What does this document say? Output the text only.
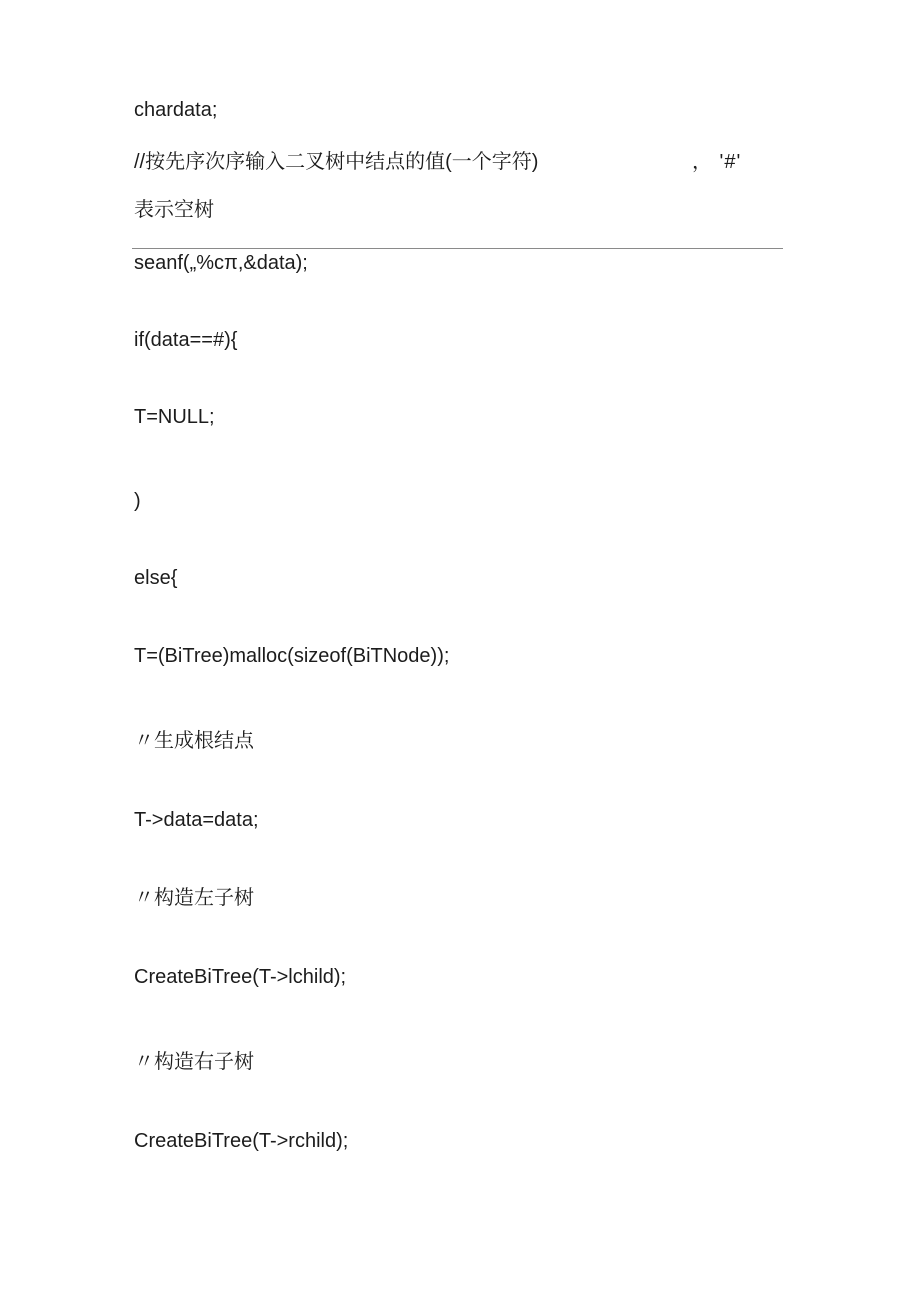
chardata;
//按先序次序输入二叉树中结点的值(一个字符)	， '#'
表示空树
seanf(„%cπ,&data);
if(data==#){
T=NULL;
)
else{
T=(BiTree)malloc(sizeof(BiTNode));
〃生成根结点
T->data=data;
〃构造左子树
CreateBiTree(T->lchild);
〃构造右子树
CreateBiTree(T->rchild);
